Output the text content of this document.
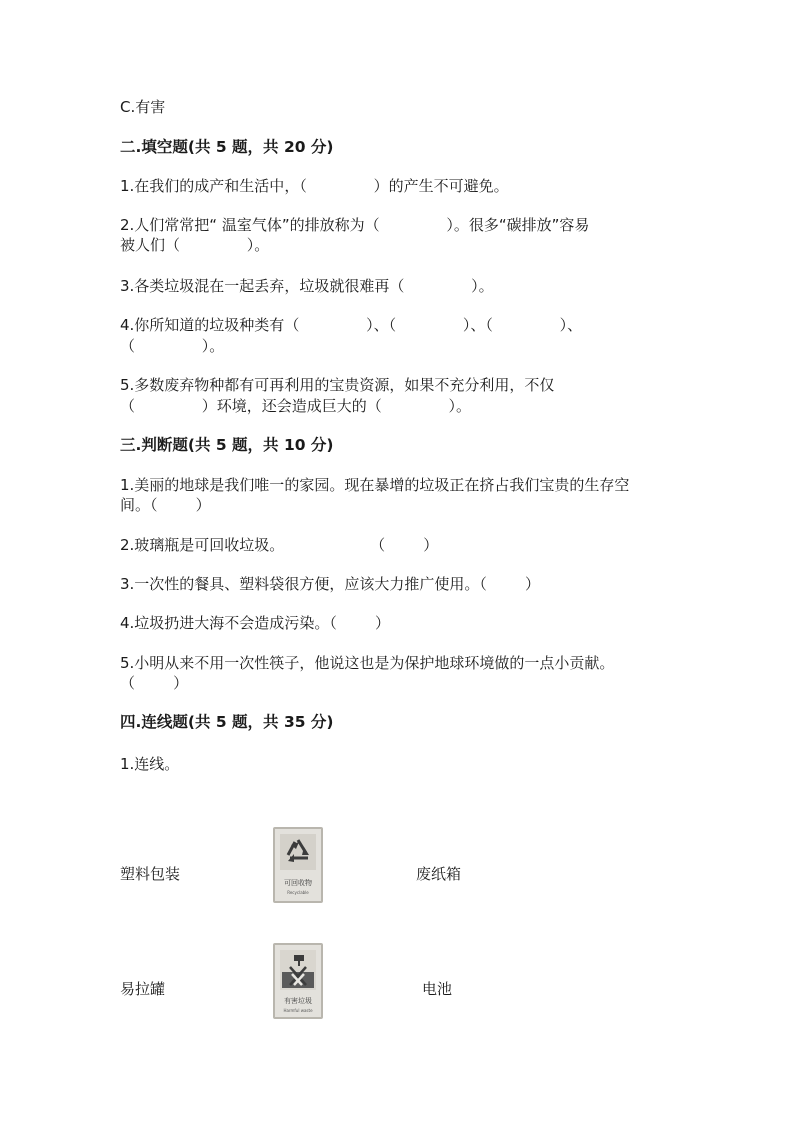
C.有害
二.填空题(共 5 题，共 20 分)
1.在我们的成产和生活中，（              ）的产生不可避免。
2.人们常常把“ 温室气体”的排放称为（              ）。很多“碳排放”容易
被人们（              ）。
3.各类垃圾混在一起丢弃，垃圾就很难再（              ）。
4.你所知道的垃圾种类有（              ）、（              ）、（              ）、
（              ）。
5.多数废弃物种都有可再利用的宝贵资源，如果不充分利用，不仅
（              ）环境，还会造成巨大的（              ）。
三.判断题(共 5 题，共 10 分)
1.美丽的地球是我们唯一的家园。现在暴增的垃圾正在挤占我们宝贵的生存空
间。（        ）
2.玻璃瓶是可回收垃圾。                  （        ）
3.一次性的餐具、塑料袋很方便，应该大力推广使用。（        ）
4.垃圾扔进大海不会造成污染。（        ）
5.小明从来不用一次性筷子，他说这也是为保护地球环境做的一点小贡献。
（        ）
四.连线题(共 5 题，共 35 分)
1.连线。
塑料包装
易拉罐
废纸箱
电池
可回收物
Recyclable
有害垃圾
Harmful waste
